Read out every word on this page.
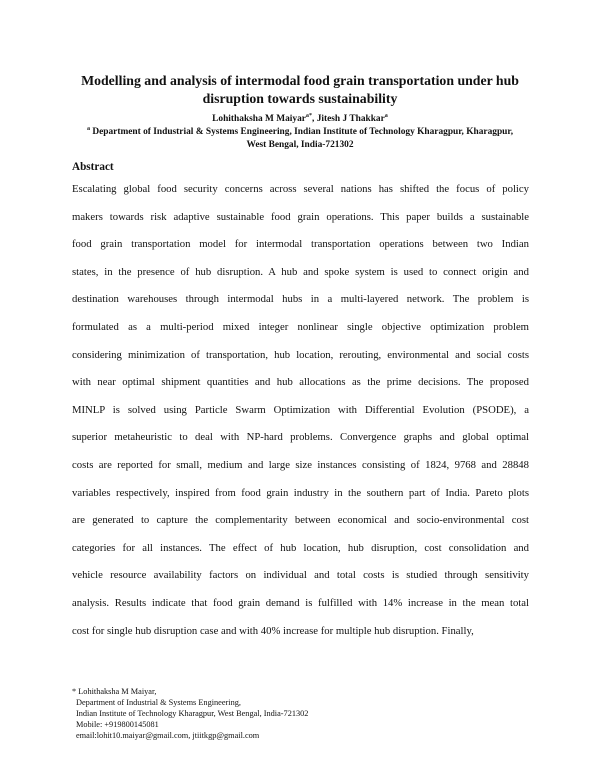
Modelling and analysis of intermodal food grain transportation under hub
disruption towards sustainability
Lohithaksha M Maiyar$^{a*}$, Jitesh J Thakkar$^a$
$^a$ Department of Industrial & Systems Engineering, Indian Institute of Technology Kharagpur, Kharagpur,
West Bengal, India-721302
Abstract
Escalating global food security concerns across several nations has shifted the focus of policy
makers towards risk adaptive sustainable food grain operations. This paper builds a sustainable
food grain transportation model for intermodal transportation operations between two Indian
states, in the presence of hub disruption. A hub and spoke system is used to connect origin and
destination warehouses through intermodal hubs in a multi-layered network. The problem is
formulated as a multi-period mixed integer nonlinear single objective optimization problem
considering minimization of transportation, hub location, rerouting, environmental and social costs
with near optimal shipment quantities and hub allocations as the prime decisions. The proposed
MINLP is solved using Particle Swarm Optimization with Differential Evolution (PSODE), a
superior metaheuristic to deal with NP-hard problems. Convergence graphs and global optimal
costs are reported for small, medium and large size instances consisting of 1824, 9768 and 28848
variables respectively, inspired from food grain industry in the southern part of India. Pareto plots
are generated to capture the complementarity between economical and socio-environmental cost
categories for all instances. The effect of hub location, hub disruption, cost consolidation and
vehicle resource availability factors on individual and total costs is studied through sensitivity
analysis. Results indicate that food grain demand is fulfilled with 14% increase in the mean total
cost for single hub disruption case and with 40% increase for multiple hub disruption. Finally,
* Lohithaksha M Maiyar,
Department of Industrial & Systems Engineering,
Indian Institute of Technology Kharagpur, West Bengal, India-721302
Mobile: +919800145081
email:lohit10.maiyar@gmail.com, jtiitkgp@gmail.com
